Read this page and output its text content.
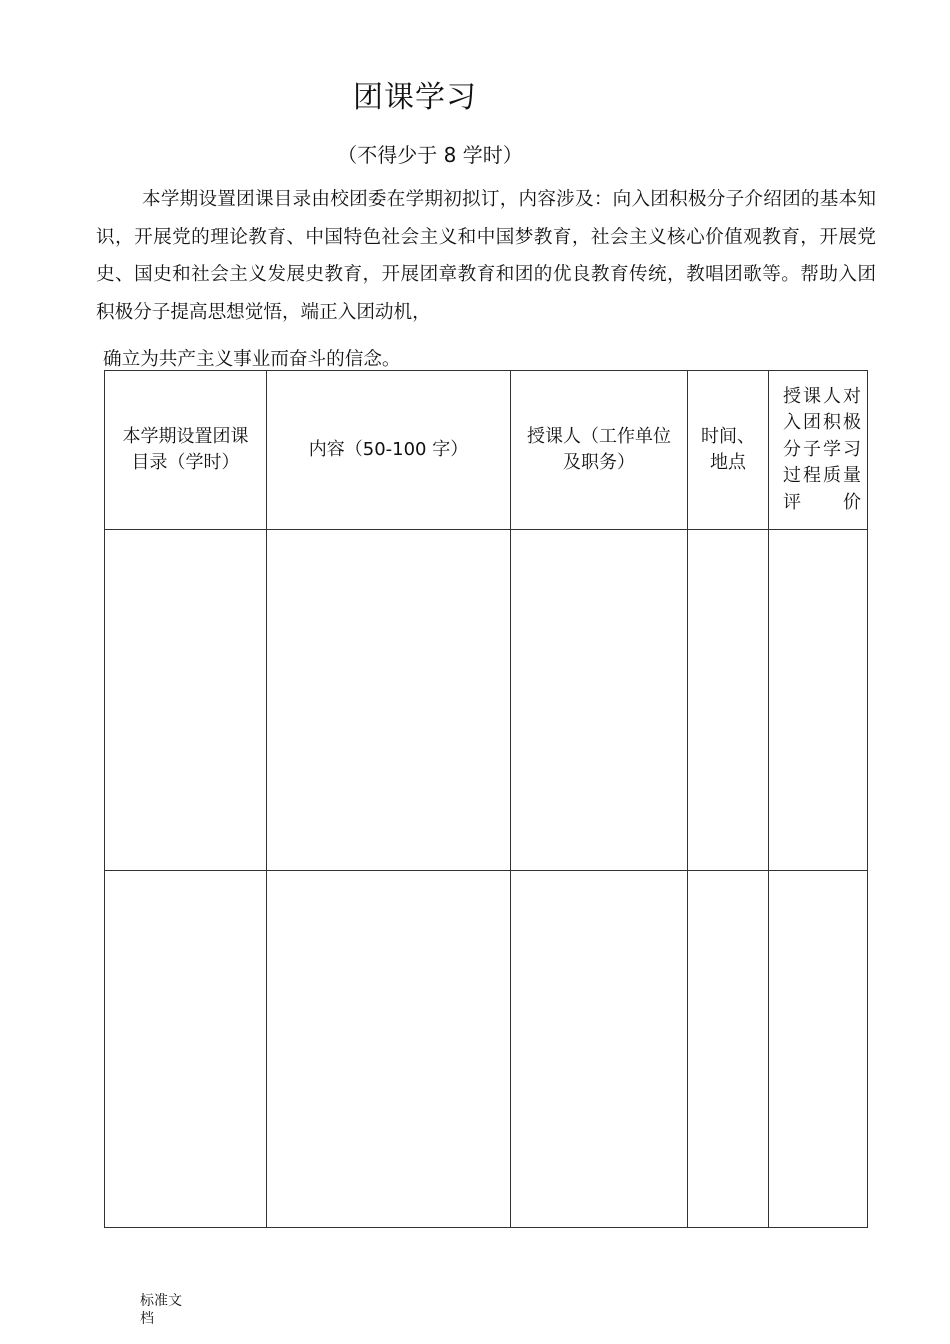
团课学习
（不得少于 8 学时）

本学期设置团课目录由校团委在学期初拟订，内容涉及：向入团积极分子介绍团的基本知识，开展党的理论教育、中国特色社会主义和中国梦教育，社会主义核心价值观教育，开展党史、国史和社会主义发展史教育，开展团章教育和团的优良教育传统，教唱团歌等。帮助入团积极分子提高思想觉悟，端正入团动机，

确立为共产主义事业而奋斗的信念。

本学期设置团课目录（学时）	内容（50-100 字）	授课人（工作单位及职务）	时间、地点	授课人对入团积极分子学习过程质量评价

标准文档
